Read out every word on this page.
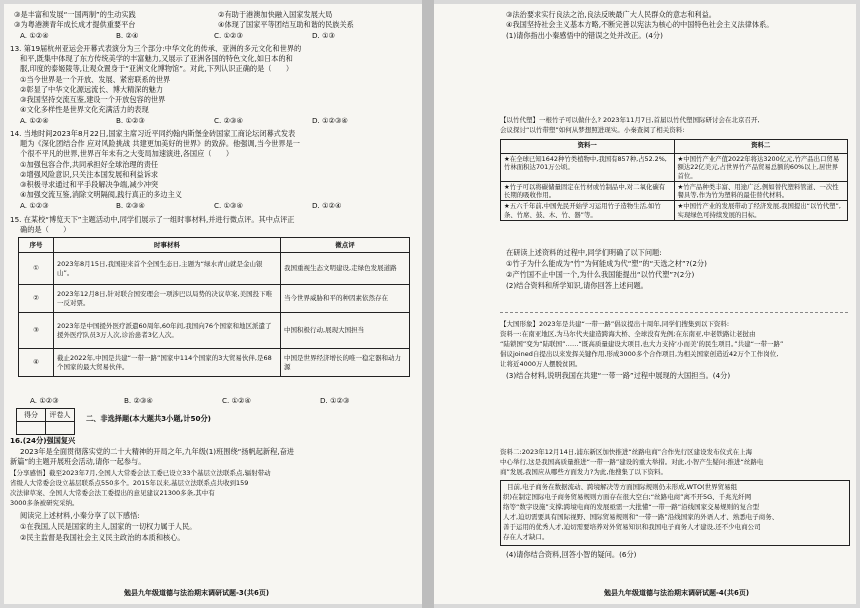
③是丰富和发展“一国两制”的生动实践	②有助于港澳加快融入国家发展大局
③为粤港澳青年成长成才提供重要平台	④体现了国家平等团结互助和谐的民族关系
A. ①②④	B. ②④	C. ①②③	D. ①③
13. 第19届杭州亚运会开幕式表演分为三个部分:中华文化的传承、亚洲的多元文化和世界的
和平,既集中体现了东方传统美学的丰富魅力,又展示了亚洲各国的特色文化,如日本的和
服,印度的泰姬陵等,让观众置身于“亚洲文化博物馆”。对此,下列认识正确的是（　　）
①当今世界是一个开放、发展、紧密联系的世界
②彰显了中华文化源远流长、博大精深的魅力
③我国坚持交流互鉴,建设一个开放包容的世界
④文化多样性是世界文化充满活力的表现
A. ①②④	B. ①②③	C. ②③④	D. ①②③④
14. 当地时间2023年8月22日,国家主席习近平同约翰内斯堡金砖国家工商论坛闭幕式发表
题为《深化团结合作 应对风险挑战 共建更加美好的世界》的致辞。他强调,当今世界是一
个很不平凡的世界,世界百年未有之大变局加速演进,各国应（　　）
①加强包容合作,共同承担好全球治理的责任
②增强风险意识,只关注本国发展和利益诉求
③积极寻求通过和平手段解决争端,减少冲突
④加强交流互鉴,消除文明隔阂,践行真正的多边主义
A. ①②③	B. ②③④	C. ①③④	D. ①②④
15. 在某校“博览天下”主题活动中,同学们展示了一组时事材料,并进行微点评。其中点评正
确的是（　　）
序号	时事材料	微点评
①	2023年8月15日,我国迎来首个全国生态日,主题为“绿水青山就是金山银山”。	我国重视生态文明建设,走绿色发展道路
②	2023年12月8日,针对联合国安理会一项涉巴以局势的决议草案,美国投下唯一反对票。	当今世界威胁和平的种因素依然存在
③	2023年是中国援外医疗派遣60周年,60年间,我国向76个国家和地区派遣了援外医疗队员3万人次,诊治患者3亿人次。	中国积极行动,展现大国担当
④	截止2022年,中国是共建“一带一路”国家中114个国家的3大贸易伙伴,是68个国家的最大贸易伙伴。	中国是世界经济增长的唯一稳定器和动力源
A. ①②③	B. ②③④	C. ①②④	D. ①②③
得分	评卷人
	二、非选择题(本大题共3小题,计50分)
16.(24分)强国复兴
2023年是全面贯彻落实党的二十大精神的开局之年,九年级(1)班围绕“扬帆起新程,奋进
新篇”的主题开展班会活动,请你一起参与。
【分享感悟】截至2023年7月,全国人大常委会法工委已设立33个基层立法联系点,辐射带动
省级人大常委会设立基层联系点550多个。2015年以来,基层立法联系点共收到159
次法律草案、全国人大常委会法工委提出的意见建议21300多条,其中有
3000多条被研究采纳。
阅读完上述材料,小秦分享了以下感悟:
①在我国,人民是国家的主人,国家的一切权力属于人民。
②民主监督是我国社会主义民主政治的本质和核心。
勉县九年级道德与法治期末调研试题-3(共6页)
③法治要求实行良法之治,良法反映最广大人民群众的意志和利益。
④我国坚持社会主义基本方略,不断完善以宪法为核心的中国特色社会主义法律体系。
(1)请你指出小秦感悟中的错误之处并改正。(4分)
【以竹代塑】一根竹子可以做什么? 2023年11月7日,首届以竹代塑国际研讨会在北京召开,
会议探讨“以竹带塑”如何从梦想照进现实。小秦查阅了相关资料:
资料一	资料二
★在全球已知1642种竹类植物中,我国有857种,占52.2%,竹林面积达701万公顷。	★中国竹产业产值2022年将达3200亿元,竹产品出口贸易额达22亿美元,占世界竹产品贸易总额的60%以上,居世界首位。
★竹子可以将碳储量固定在竹材或竹制品中,对二氧化碳有长期的吸收作用。	★竹产品种类丰富、用途广泛,例如替代塑料管道、一次性餐具等,作为竹为塑料的最佳替代材料。
★五六千年前,中国先民开始学习运用竹子造物生活,如竹条、竹席、鼓、木、竹、器”等。	★中国竹产业的发展带动了经济发展,我国提出“以竹代塑”,实现绿色可持续发展的目标。
在研读上述资料的过程中,同学们明确了以下问题:
①竹子为什么能成为“竹”为何能成为代“塑”的“天选之材”?(2分)
②产竹国不止中国一个,为什么我国能提出“以竹代塑”?(2分)
(2)结合资料和所学知识,请你回答上述问题。
【大国形象】2023年是共建“一带一路”倡议提出十周年,同学们搜集到以下资料:
资料一:在南亚地区,为马尔代夫建造跨海大桥、全球没有先例;在东南亚,中老铁路让老挝由
“陆锁国”变为“陆联国”……“既高质量建设大项目,也大力支持‘小而美’的民生项目。”共建“一带一路”
倡议joined自提出以来发挥关键作用,形成3000多个合作项目,为相关国家创造近42万个工作岗位,
让将近4000万人摆脱贫困。
(3)结合材料,说明我国在共建“一带一路”过程中展现的大国担当。(4分)
资料二:2023年12月14日,浦东新区加快推进“丝路电商”合作先行区建设发布仪式在上海
中心举行,这是我国高质量推进“一带一路”建设的重大举措。对此,小智产生疑问:推进“丝路电
商”发展,我国应从哪些方面发力?为此,他搜集了以下资料。
目前,电子商务在数据流动、跨境解决等方面国际规则仍未形成,WTO(世界贸易组
织)在制定国际电子商务贸易规则方面存在很大空白;“丝路电商”离不开5G、千兆光纤网
络等“数字设施”支撑;跨境电商的发展亟需一大批懂“一带一路”沿线国家交易规则的复合型
人才,迫切需要具有国际视野、国际贸易规则和“一带一路”沿线国家的外语人才、熟悉电子商务、
善于运用的优秀人才,迫切需要培养对外贸易知识和我国电子商务人才建设,还不少电商公司
存在人才缺口。
(4)请你结合资料,回答小智的疑问。(6分)
勉县九年级道德与法治期末调研试题-4(共6页)
